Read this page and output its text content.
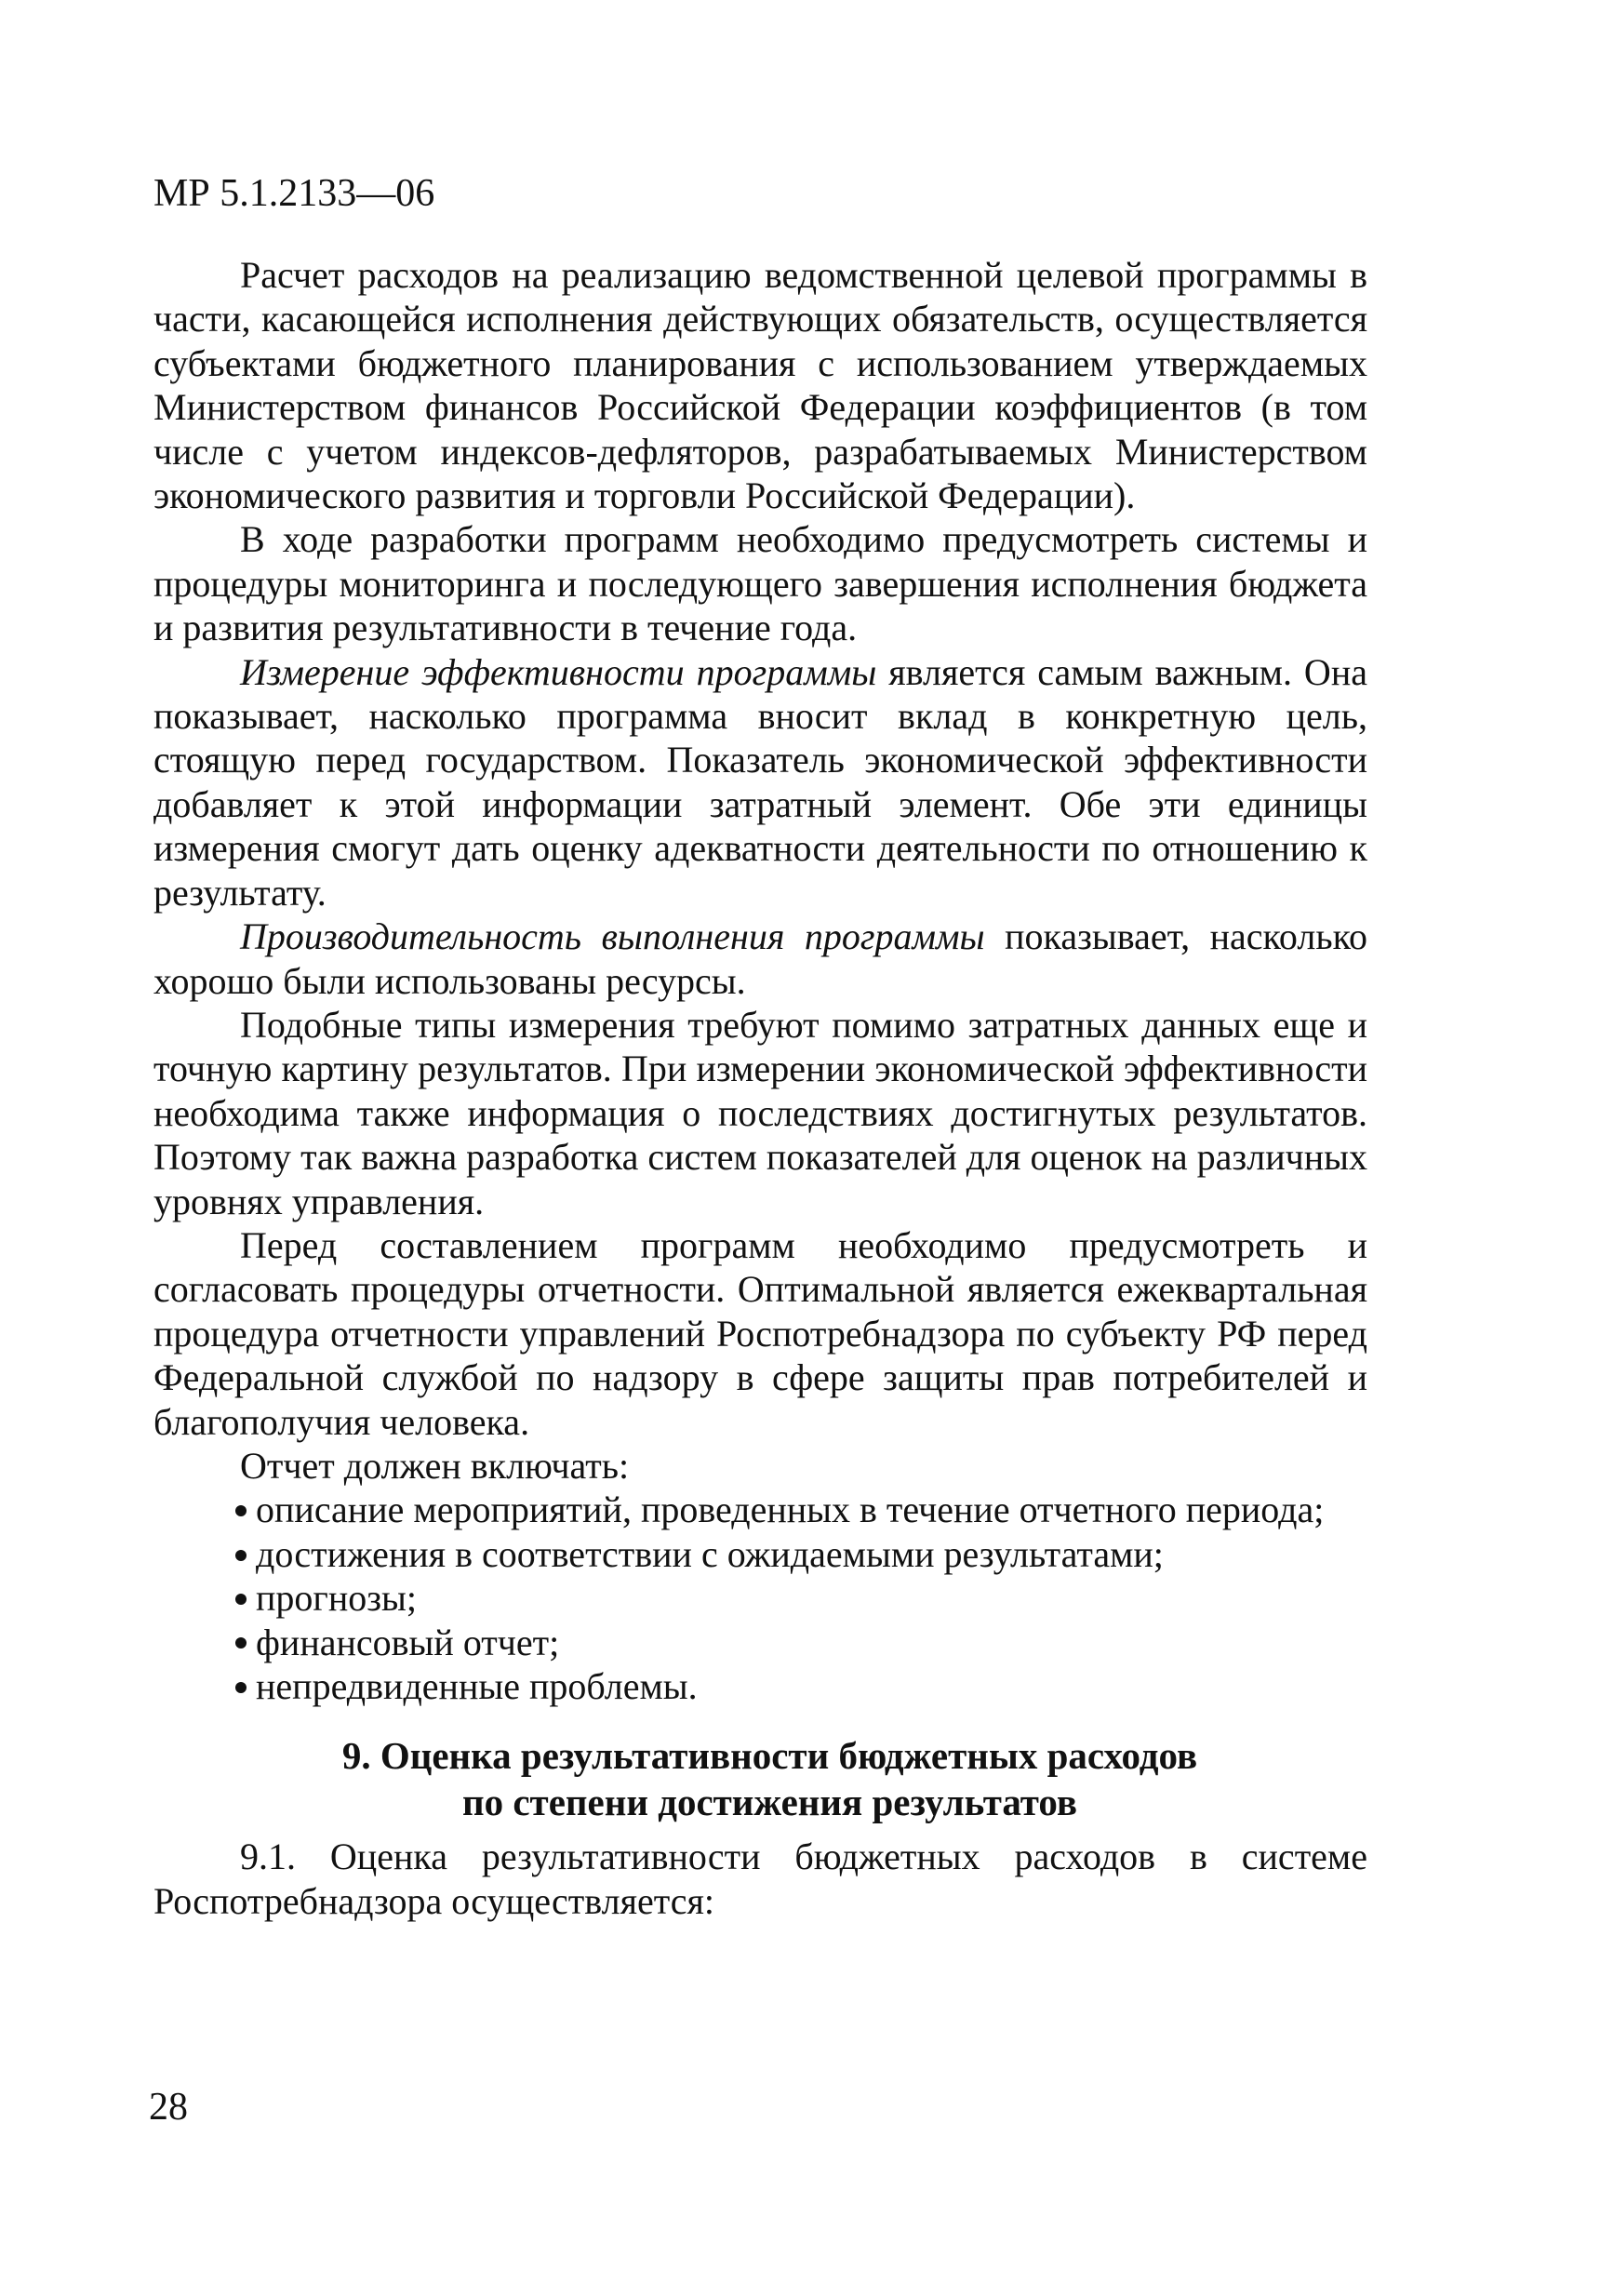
МР 5.1.2133—06

Расчет расходов на реализацию ведомственной целевой программы в части, касающейся исполнения действующих обязательств, осуществляется субъектами бюджетного планирования с использованием утверждаемых Министерством финансов Российской Федерации коэффициентов (в том числе с учетом индексов-дефляторов, разрабатываемых Министерством экономического развития и торговли Российской Федерации).

В ходе разработки программ необходимо предусмотреть системы и процедуры мониторинга и последующего завершения исполнения бюджета и развития результативности в течение года.

Измерение эффективности программы является самым важным. Она показывает, насколько программа вносит вклад в конкретную цель, стоящую перед государством. Показатель экономической эффективности добавляет к этой информации затратный элемент. Обе эти единицы измерения смогут дать оценку адекватности деятельности по отношению к результату.

Производительность выполнения программы показывает, насколько хорошо были использованы ресурсы.

Подобные типы измерения требуют помимо затратных данных еще и точную картину результатов. При измерении экономической эффективности необходима также информация о последствиях достигнутых результатов. Поэтому так важна разработка систем показателей для оценок на различных уровнях управления.

Перед составлением программ необходимо предусмотреть и согласовать процедуры отчетности. Оптимальной является ежеквартальная процедура отчетности управлений Роспотребнадзора по субъекту РФ перед Федеральной службой по надзору в сфере защиты прав потребителей и благополучия человека.

Отчет должен включать:

описание мероприятий, проведенных в течение отчетного периода;
достижения в соответствии с ожидаемыми результатами;
прогнозы;
финансовый отчет;
непредвиденные проблемы.
9. Оценка результативности бюджетных расходов
по степени достижения результатов

9.1. Оценка результативности бюджетных расходов в системе Роспотребнадзора осуществляется:

28
